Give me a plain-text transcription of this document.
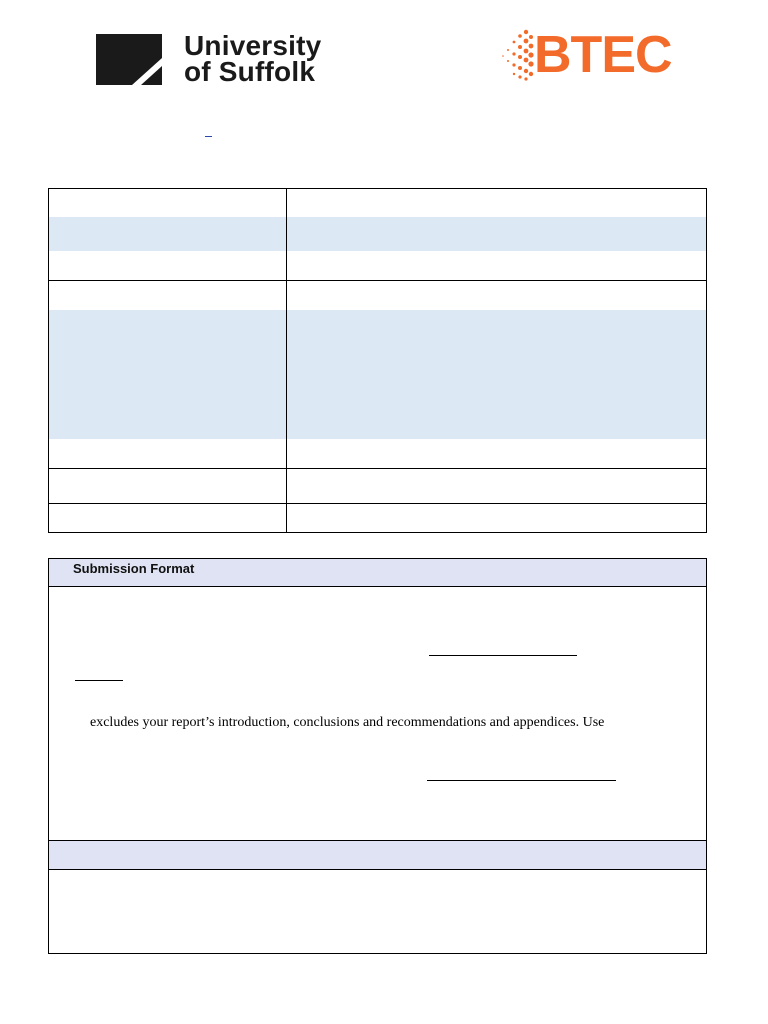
University
of Suffolk	BTEC
Submission Format
excludes your report’s introduction, conclusions and recommendations and appendices. Use
